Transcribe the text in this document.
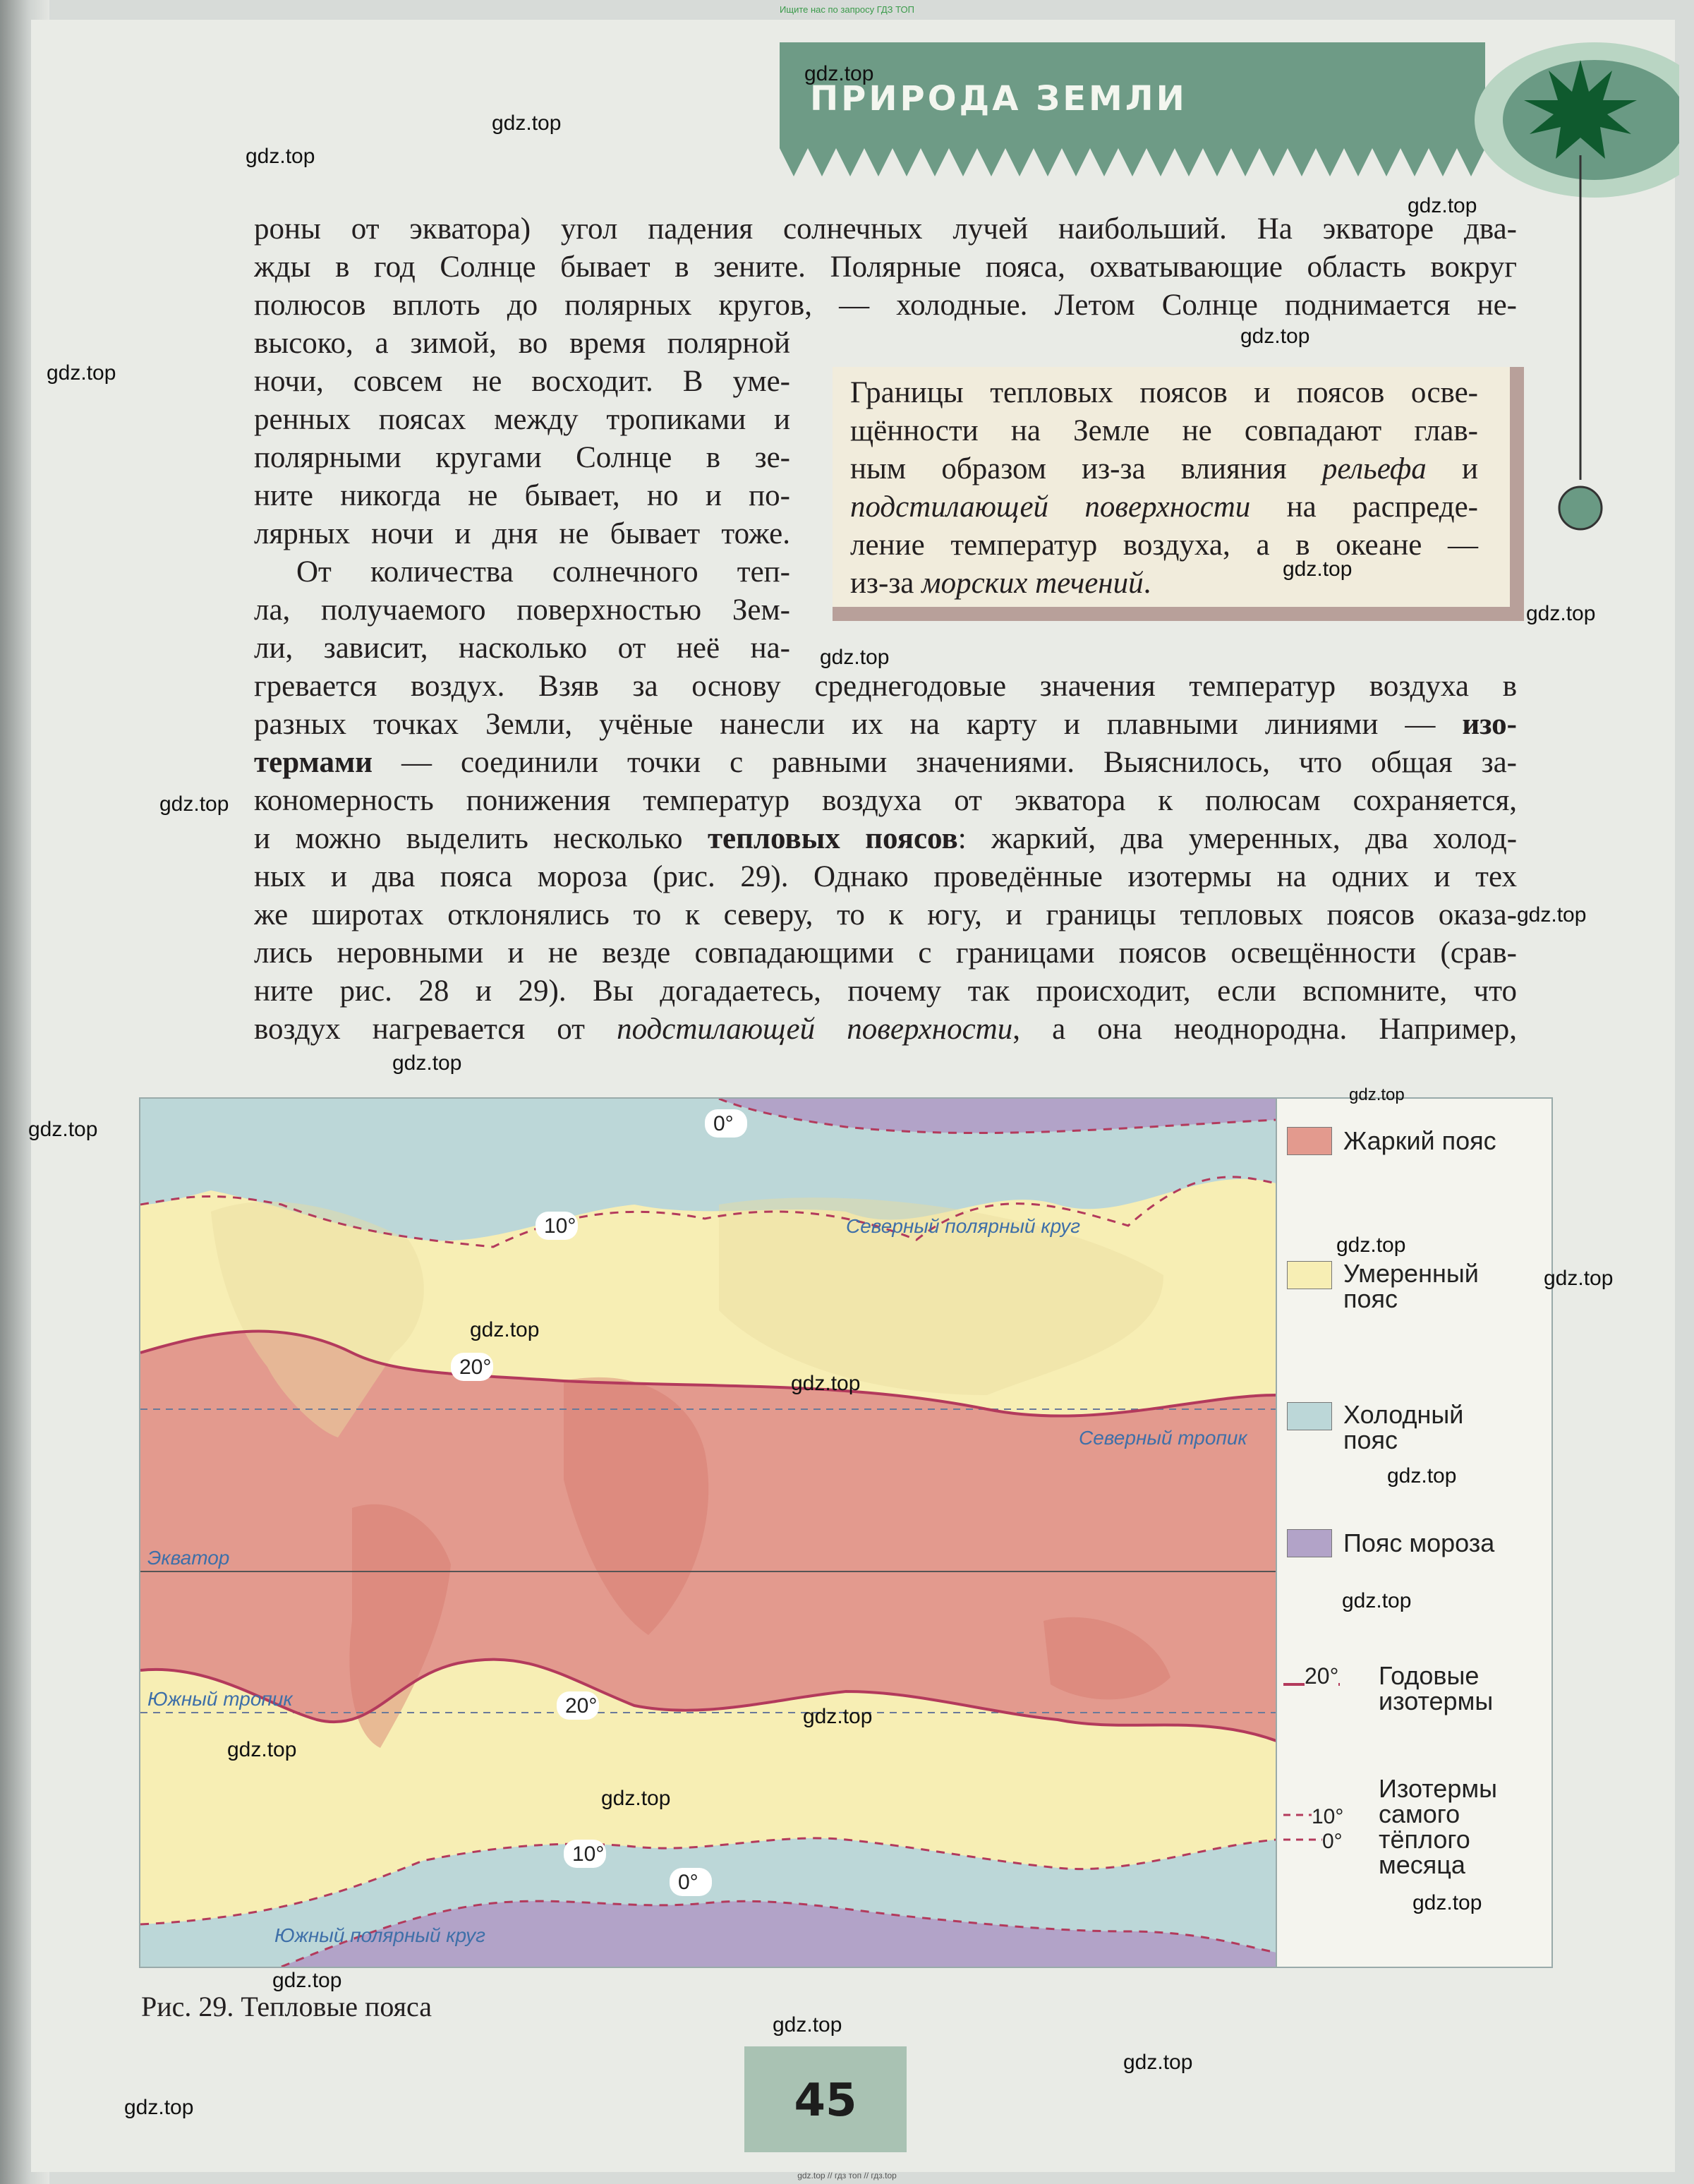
Ищите нас по запросу ГДЗ ТОП
ПРИРОДА ЗЕМЛИ
роны от экватора) угол падения солнечных лучей наибольший. На экваторе два-
жды в год Солнце бывает в зените. Полярные пояса, охватывающие область вокруг
полюсов вплоть до полярных кругов, — холодные. Летом Солнце поднимается не-
высоко, а зимой, во время полярной
ночи, совсем не восходит. В уме-
ренных поясах между тропиками и
полярными кругами Солнце в зе-
ните никогда не бывает, но и по-
лярных ночи и дня не бывает тоже.
От количества солнечного теп-
ла, получаемого поверхностью Зем-
ли, зависит, насколько от неё на-
Границы тепловых поясов и поясов осве-
щённости на Земле не совпадают глав-
ным образом из-за влияния рельефа и
подстилающей поверхности на распреде-
ление температур воздуха, а в океане —
из-за морских течений.
гревается воздух. Взяв за основу среднегодовые значения температур воздуха в
разных точках Земли, учёные нанесли их на карту и плавными линиями — изо-
термами — соединили точки с равными значениями. Выяснилось, что общая за-
кономерность понижения температур воздуха от экватора к полюсам сохраняется,
и можно выделить несколько тепловых поясов: жаркий, два умеренных, два холод-
ных и два пояса мороза (рис. 29). Однако проведённые изотермы на одних и тех
же широтах отклонялись то к северу, то к югу, и границы тепловых поясов оказа-
лись неровными и не везде совпадающими с границами поясов освещённости (срав-
ните рис. 28 и 29). Вы догадаетесь, почему так происходит, если вспомните, что
воздух нагревается от подстилающей поверхности, а она неоднородна. Например,
Северный полярный круг
Северный тропик
Экватор
Южный тропик
Южный полярный круг
0°
10°
20°
20°
10°
0°
Жаркий пояс
Умеренный
пояс
Холодный
пояс
Пояс мороза
20° Годовые
изотермы
10°
0°
Изотермы
самого
тёплого
месяца
Рис. 29. Тепловые пояса
45
gdz.top
gdz.top
gdz.top
gdz.top
gdz.top
gdz.top
gdz.top
gdz.top
gdz.top
gdz.top
gdz.top
gdz.top
gdz.top
gdz.top
gdz.top
gdz.top
gdz.top
gdz.top
gdz.top
gdz.top
gdz.top
gdz.top
gdz.top
gdz.top
gdz.top
gdz.top
gdz.top
gdz.top
gdz.top // гдз топ // гдз.top
